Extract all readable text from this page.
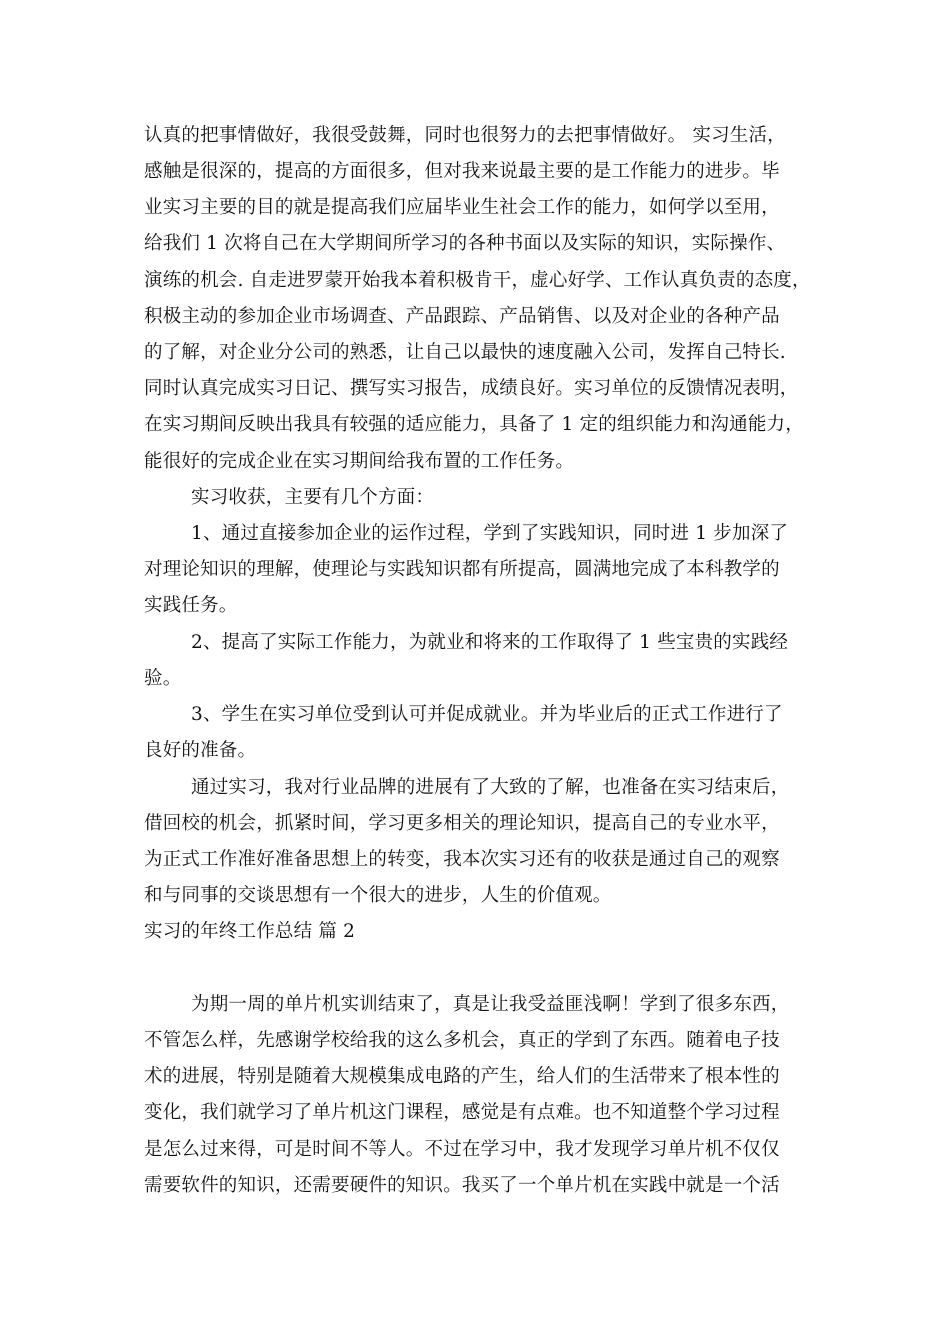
认真的把事情做好，我很受鼓舞，同时也很努力的去把事情做好。 实习生活，
感触是很深的，提高的方面很多，但对我来说最主要的是工作能力的进步。毕
业实习主要的目的就是提高我们应届毕业生社会工作的能力，如何学以至用，
给我们 1 次将自己在大学期间所学习的各种书面以及实际的知识，实际操作、
演练的机会. 自走进罗蒙开始我本着积极肯干，虚心好学、工作认真负责的态度，
积极主动的参加企业市场调查、产品跟踪、产品销售、以及对企业的各种产品
的了解，对企业分公司的熟悉，让自己以最快的速度融入公司，发挥自己特长.
同时认真完成实习日记、撰写实习报告，成绩良好。实习单位的反馈情况表明，
在实习期间反映出我具有较强的适应能力，具备了 1 定的组织能力和沟通能力，
能很好的完成企业在实习期间给我布置的工作任务。
实习收获，主要有几个方面：
1、通过直接参加企业的运作过程，学到了实践知识，同时进 1 步加深了
对理论知识的理解，使理论与实践知识都有所提高，圆满地完成了本科教学的
实践任务。
2、提高了实际工作能力，为就业和将来的工作取得了 1 些宝贵的实践经
验。
3、学生在实习单位受到认可并促成就业。并为毕业后的正式工作进行了
良好的准备。
通过实习，我对行业品牌的进展有了大致的了解，也准备在实习结束后，
借回校的机会，抓紧时间，学习更多相关的理论知识，提高自己的专业水平，
为正式工作准好准备思想上的转变，我本次实习还有的收获是通过自己的观察
和与同事的交谈思想有一个很大的进步，人生的价值观。
实习的年终工作总结 篇 2
为期一周的单片机实训结束了，真是让我受益匪浅啊！学到了很多东西，
不管怎么样，先感谢学校给我的这么多机会，真正的学到了东西。随着电子技
术的进展，特别是随着大规模集成电路的产生，给人们的生活带来了根本性的
变化，我们就学习了单片机这门课程，感觉是有点难。也不知道整个学习过程
是怎么过来得，可是时间不等人。不过在学习中，我才发现学习单片机不仅仅
需要软件的知识，还需要硬件的知识。我买了一个单片机在实践中就是一个活
